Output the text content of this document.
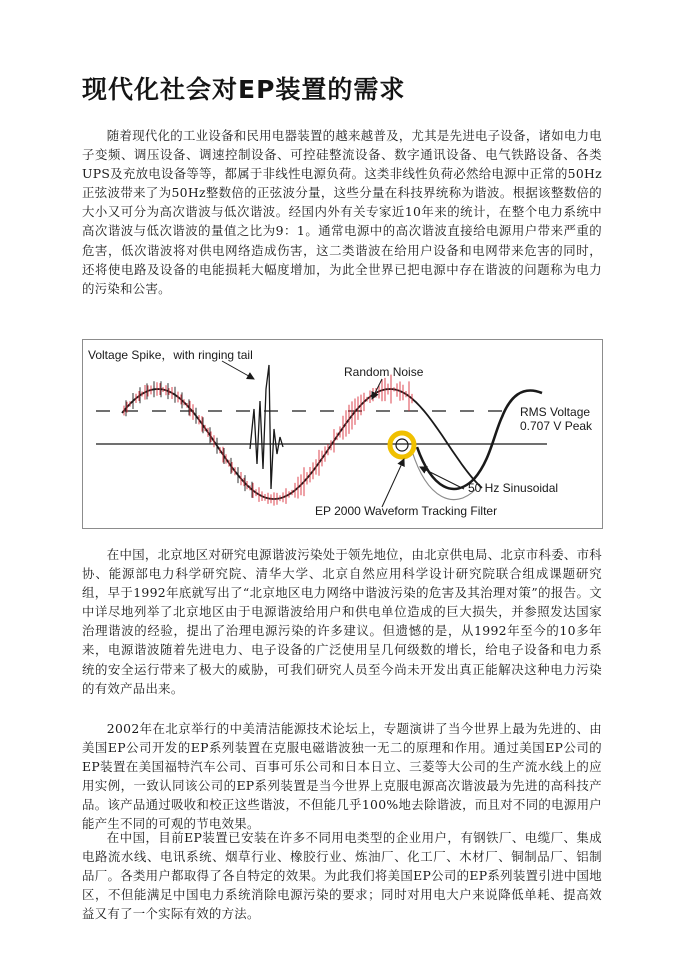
现代化社会对EP装置的需求

随着现代化的工业设备和民用电器装置的越来越普及，尤其是先进电子设备，诸如电力电子变频、调压设备、调速控制设备、可控硅整流设备、数字通讯设备、电气铁路设备、各类UPS及充放电设备等等，都属于非线性电源负荷。这类非线性负荷必然给电源中正常的50Hz正弦波带来了为50Hz整数倍的正弦波分量，这些分量在科技界统称为谐波。根据该整数倍的大小又可分为高次谐波与低次谐波。经国内外有关专家近10年来的统计，在整个电力系统中高次谐波与低次谐波的量值之比为9：1。通常电源中的高次谐波直接给电源用户带来严重的危害，低次谐波将对供电网络造成伤害，这二类谐波在给用户设备和电网带来危害的同时，还将使电路及设备的电能损耗大幅度增加，为此全世界已把电源中存在谐波的问题称为电力的污染和公害。

Voltage Spike，with ringing tail
Random Noise
RMS Voltage
0.707 V Peak
50 Hz Sinusoidal
EP 2000 Waveform Tracking Filter

在中国，北京地区对研究电源谐波污染处于领先地位，由北京供电局、北京市科委、市科协、能源部电力科学研究院、清华大学、北京自然应用科学设计研究院联合组成课题研究组，早于1992年底就写出了“北京地区电力网络中谐波污染的危害及其治理对策”的报告。文中详尽地列举了北京地区由于电源谐波给用户和供电单位造成的巨大损失，并参照发达国家治理谐波的经验，提出了治理电源污染的许多建议。但遗憾的是，从1992年至今的10多年来，电源谐波随着先进电力、电子设备的广泛使用呈几何级数的增长，给电子设备和电力系统的安全运行带来了极大的威胁，可我们研究人员至今尚未开发出真正能解决这种电力污染的有效产品出来。

2002年在北京举行的中美清洁能源技术论坛上，专题演讲了当今世界上最为先进的、由美国EP公司开发的EP系列装置在克服电磁谐波独一无二的原理和作用。通过美国EP公司的EP装置在美国福特汽车公司、百事可乐公司和日本日立、三菱等大公司的生产流水线上的应用实例，一致认同该公司的EP系列装置是当今世界上克服电源高次谐波最为先进的高科技产品。该产品通过吸收和校正这些谐波，不但能几乎100%地去除谐波，而且对不同的电源用户能产生不同的可观的节电效果。

在中国，目前EP装置已安装在许多不同用电类型的企业用户，有钢铁厂、电缆厂、集成电路流水线、电讯系统、烟草行业、橡胶行业、炼油厂、化工厂、木材厂、铜制品厂、铝制品厂。各类用户都取得了各自特定的效果。为此我们将美国EP公司的EP系列装置引进中国地区，不但能满足中国电力系统消除电源污染的要求；同时对用电大户来说降低单耗、提高效益又有了一个实际有效的方法。
